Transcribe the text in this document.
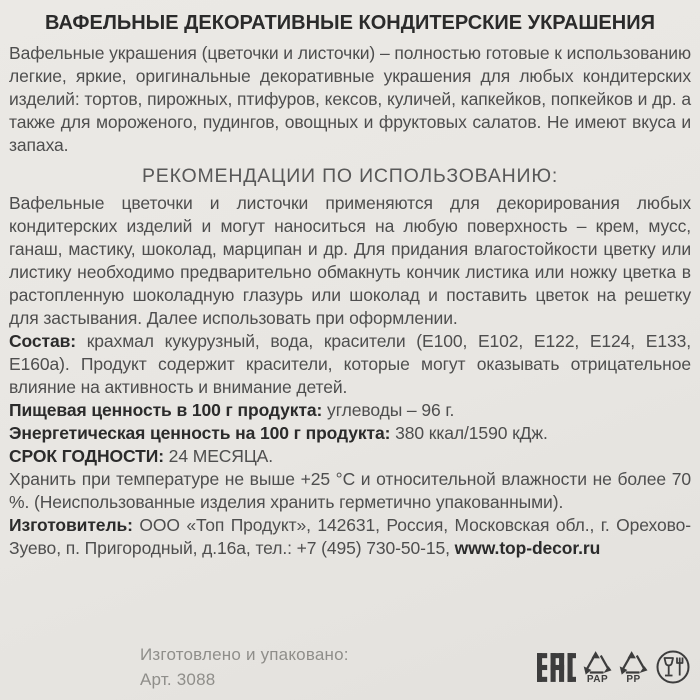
ВАФЕЛЬНЫЕ ДЕКОРАТИВНЫЕ КОНДИТЕРСКИЕ УКРАШЕНИЯ

Вафельные украшения (цветочки и листочки) – полностью готовые к использованию легкие, яркие, оригинальные декоративные украшения для любых кондитерских изделий: тортов, пирожных, птифуров, кексов, куличей, капкейков, попкейков и др. а также для мороженого, пудингов, овощных и фруктовых салатов. Не имеют вкуса и запаха.

РЕКОМЕНДАЦИИ ПО ИСПОЛЬЗОВАНИЮ:

Вафельные цветочки и листочки применяются для декорирования любых кондитерских изделий и могут наноситься на любую поверхность – крем, мусс, ганаш, мастику, шоколад, марципан и др. Для придания влагостойкости цветку или листику необходимо предварительно обмакнуть кончик листика или ножку цветка в растопленную шоколадную глазурь или шоколад и поставить цветок на решетку для застывания. Далее использовать при оформлении.

Состав: крахмал кукурузный, вода, красители (Е100, Е102, Е122, Е124, Е133, Е160а). Продукт содержит красители, которые могут оказывать отрицательное влияние на активность и внимание детей.

Пищевая ценность в 100 г продукта: углеводы – 96 г.

Энергетическая ценность на 100 г продукта: 380 ккал/1590 кДж.

СРОК ГОДНОСТИ: 24 МЕСЯЦА.

Хранить при температуре не выше +25 °С и относительной влажности не более 70 %. (Неиспользованные изделия хранить герметично упакованными).

Изготовитель: ООО «Топ Продукт», 142631, Россия, Московская обл., г. Орехово-Зуево, п. Пригородный, д.16а, тел.: +7 (495) 730-50-15, www.top-decor.ru

Изготовлено и упаковано:
Арт. 3088	PAP PP
